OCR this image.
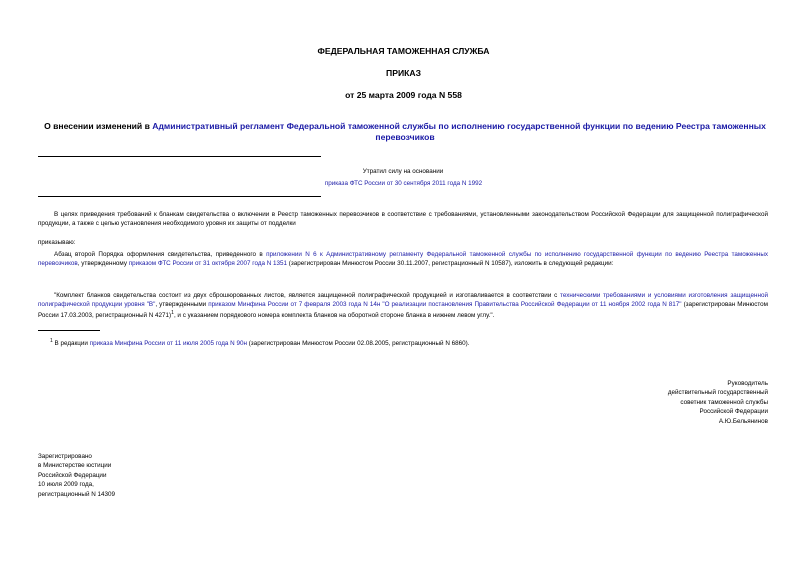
ФЕДЕРАЛЬНАЯ ТАМОЖЕННАЯ СЛУЖБА
ПРИКАЗ
от 25 марта 2009 года N 558
О внесении изменений в Административный регламент Федеральной таможенной службы по исполнению государственной функции по ведению Реестра таможенных перевозчиков
Утратил силу на основании
приказа ФТС России от 30 сентября 2011 года N 1992
В целях приведения требований к бланкам свидетельства о включении в Реестр таможенных перевозчиков в соответствие с требованиями, установленными законодательством Российской Федерации для защищенной полиграфической продукции, а также с целью установления необходимого уровня их защиты от подделки
приказываю:
Абзац второй Порядка оформления свидетельства, приведенного в приложении N 6 к Административному регламенту Федеральной таможенной службы по исполнению государственной функции по ведению Реестра таможенных перевозчиков, утвержденному приказом ФТС России от 31 октября 2007 года N 1351 (зарегистрирован Минюстом России 30.11.2007, регистрационный N 10587), изложить в следующей редакции:
"Комплект бланков свидетельства состоит из двух сброшюрованных листов, является защищенной полиграфической продукцией и изготавливается в соответствии с техническими требованиями и условиями изготовления защищенной полиграфической продукции уровня "В", утвержденными приказом Минфина России от 7 февраля 2003 года N 14н "О реализации постановления Правительства Российской Федерации от 11 ноября 2002 года N 817" (зарегистрирован Минюстом России 17.03.2003, регистрационный N 4271)$^1$, и с указанием порядкового номера комплекта бланков на оборотной стороне бланка в нижнем левом углу.".
$^1$ В редакции приказа Минфина России от 11 июля 2005 года N 90н (зарегистрирован Минюстом России 02.08.2005, регистрационный N 6860).
Руководитель
действительный государственный
советник таможенной службы
Российской Федерации
А.Ю.Бельянинов
Зарегистрировано
в Министерстве юстиции
Российской Федерации
10 июля 2009 года,
регистрационный N 14309
